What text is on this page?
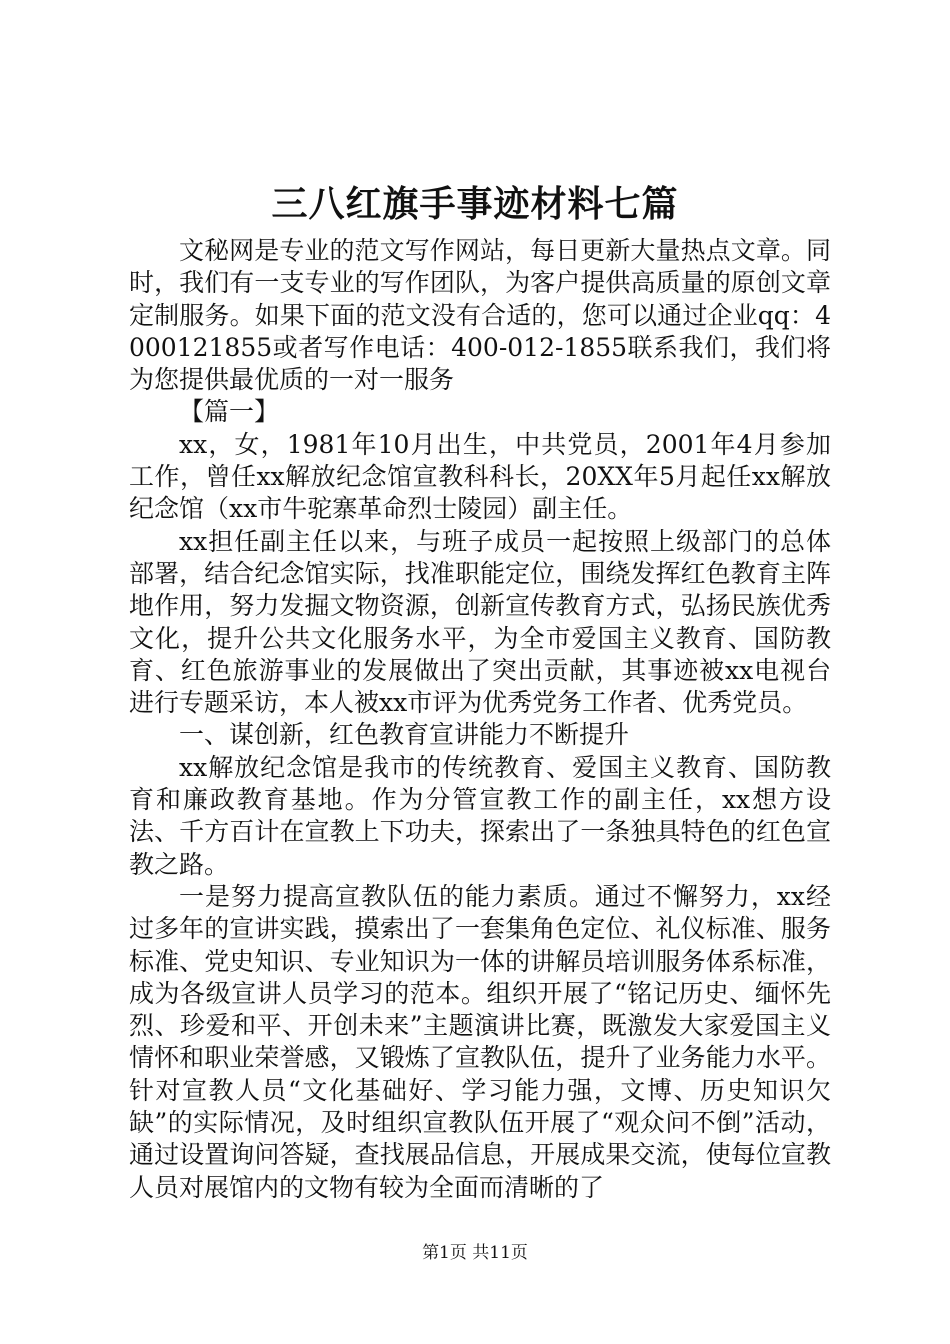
三八红旗手事迹材料七篇

文秘网是专业的范文写作网站，每日更新大量热点文章。同时，我们有一支专业的写作团队，为客户提供高质量的原创文章定制服务。如果下面的范文没有合适的，您可以通过企业qq：4000121855或者写作电话：400-012-1855联系我们，我们将为您提供最优质的一对一服务

【篇一】

xx，女，1981年10月出生，中共党员，2001年4月参加工作，曾任xx解放纪念馆宣教科科长，20XX年5月起任xx解放纪念馆（xx市牛驼寨革命烈士陵园）副主任。

xx担任副主任以来，与班子成员一起按照上级部门的总体部署，结合纪念馆实际，找准职能定位，围绕发挥红色教育主阵地作用，努力发掘文物资源，创新宣传教育方式，弘扬民族优秀文化，提升公共文化服务水平，为全市爱国主义教育、国防教育、红色旅游事业的发展做出了突出贡献，其事迹被xx电视台进行专题采访，本人被xx市评为优秀党务工作者、优秀党员。

一、谋创新，红色教育宣讲能力不断提升

xx解放纪念馆是我市的传统教育、爱国主义教育、国防教育和廉政教育基地。作为分管宣教工作的副主任，xx想方设法、千方百计在宣教上下功夫，探索出了一条独具特色的红色宣教之路。

一是努力提高宣教队伍的能力素质。通过不懈努力，xx经过多年的宣讲实践，摸索出了一套集角色定位、礼仪标准、服务标准、党史知识、专业知识为一体的讲解员培训服务体系标准，成为各级宣讲人员学习的范本。组织开展了“铭记历史、缅怀先烈、珍爱和平、开创未来”主题演讲比赛，既激发大家爱国主义情怀和职业荣誉感，又锻炼了宣教队伍，提升了业务能力水平。针对宣教人员“文化基础好、学习能力强，文博、历史知识欠缺”的实际情况，及时组织宣教队伍开展了“观众问不倒”活动，通过设置询问答疑，查找展品信息，开展成果交流，使每位宣教人员对展馆内的文物有较为全面而清晰的了

第1页 共11页
